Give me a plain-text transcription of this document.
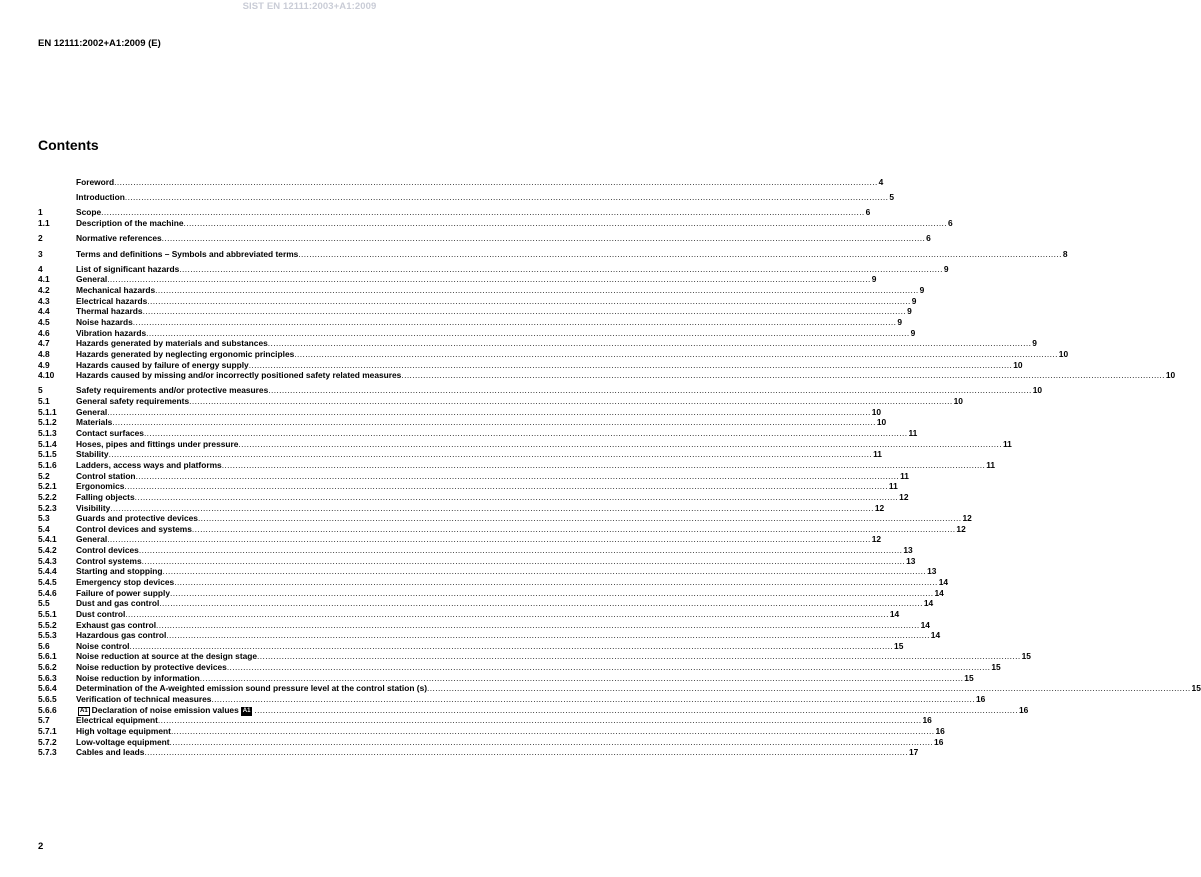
SIST EN 12111:2003+A1:2009
EN 12111:2002+A1:2009 (E)
Contents
Foreword .....	4
Introduction .....	5
1	Scope .....	6
1.1	Description of the machine .....	6
2	Normative references .....	6
3	Terms and definitions – Symbols and abbreviated terms .....	8
4	List of significant hazards .....	9
4.1	General .....	9
4.2	Mechanical hazards .....	9
4.3	Electrical hazards .....	9
4.4	Thermal hazards .....	9
4.5	Noise hazards .....	9
4.6	Vibration hazards .....	9
4.7	Hazards generated by materials and substances .....	9
4.8	Hazards generated by neglecting ergonomic principles .....	10
4.9	Hazards caused by failure of energy supply .....	10
4.10	Hazards caused by missing and/or incorrectly positioned safety related measures .....	10
5	Safety requirements and/or protective measures .....	10
5.1	General safety requirements .....	10
5.1.1	General .....	10
5.1.2	Materials .....	10
5.1.3	Contact surfaces .....	11
5.1.4	Hoses, pipes and fittings under pressure .....	11
5.1.5	Stability .....	11
5.1.6	Ladders, access ways and platforms .....	11
5.2	Control station .....	11
5.2.1	Ergonomics .....	11
5.2.2	Falling objects .....	12
5.2.3	Visibility .....	12
5.3	Guards and protective devices .....	12
5.4	Control devices and systems .....	12
5.4.1	General .....	12
5.4.2	Control devices .....	13
5.4.3	Control systems .....	13
5.4.4	Starting and stopping .....	13
5.4.5	Emergency stop devices .....	14
5.4.6	Failure of power supply .....	14
5.5	Dust and gas control .....	14
5.5.1	Dust control .....	14
5.5.2	Exhaust gas control .....	14
5.5.3	Hazardous gas control .....	14
5.6	Noise control .....	15
5.6.1	Noise reduction at source at the design stage .....	15
5.6.2	Noise reduction by protective devices .....	15
5.6.3	Noise reduction by information .....	15
5.6.4	Determination of the A-weighted emission sound pressure level at the control station (s) .....	15
5.6.5	Verification of technical measures .....	16
5.6.6	A1 Declaration of noise emission values A1 .....	16
5.7	Electrical equipment .....	16
5.7.1	High voltage equipment .....	16
5.7.2	Low-voltage equipment .....	16
5.7.3	Cables and leads .....	17
2
